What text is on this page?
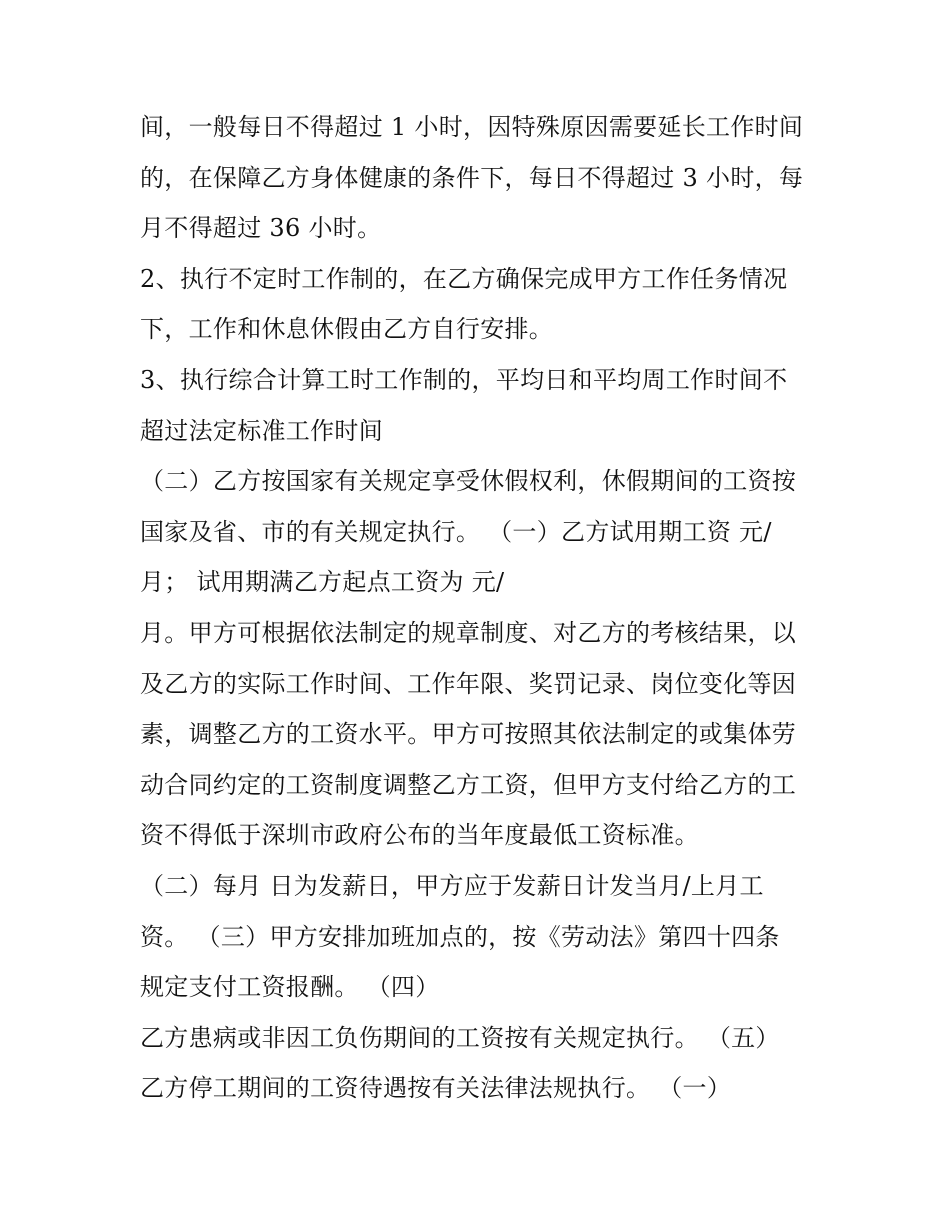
间，一般每日不得超过 1 小时，因特殊原因需要延长工作时间
的，在保障乙方身体健康的条件下，每日不得超过 3 小时，每
月不得超过 36 小时。
2、执行不定时工作制的，在乙方确保完成甲方工作任务情况
下，工作和休息休假由乙方自行安排。
3、执行综合计算工时工作制的，平均日和平均周工作时间不
超过法定标准工作时间
（二）乙方按国家有关规定享受休假权利，休假期间的工资按
国家及省、市的有关规定执行。 （一）乙方试用期工资 元/
月； 试用期满乙方起点工资为 元/
月。甲方可根据依法制定的规章制度、对乙方的考核结果，以
及乙方的实际工作时间、工作年限、奖罚记录、岗位变化等因
素，调整乙方的工资水平。甲方可按照其依法制定的或集体劳
动合同约定的工资制度调整乙方工资，但甲方支付给乙方的工
资不得低于深圳市政府公布的当年度最低工资标准。
（二）每月 日为发薪日，甲方应于发薪日计发当月/上月工
资。 （三）甲方安排加班加点的，按《劳动法》第四十四条
规定支付工资报酬。 （四）
乙方患病或非因工负伤期间的工资按有关规定执行。 （五）
乙方停工期间的工资待遇按有关法律法规执行。 （一）
